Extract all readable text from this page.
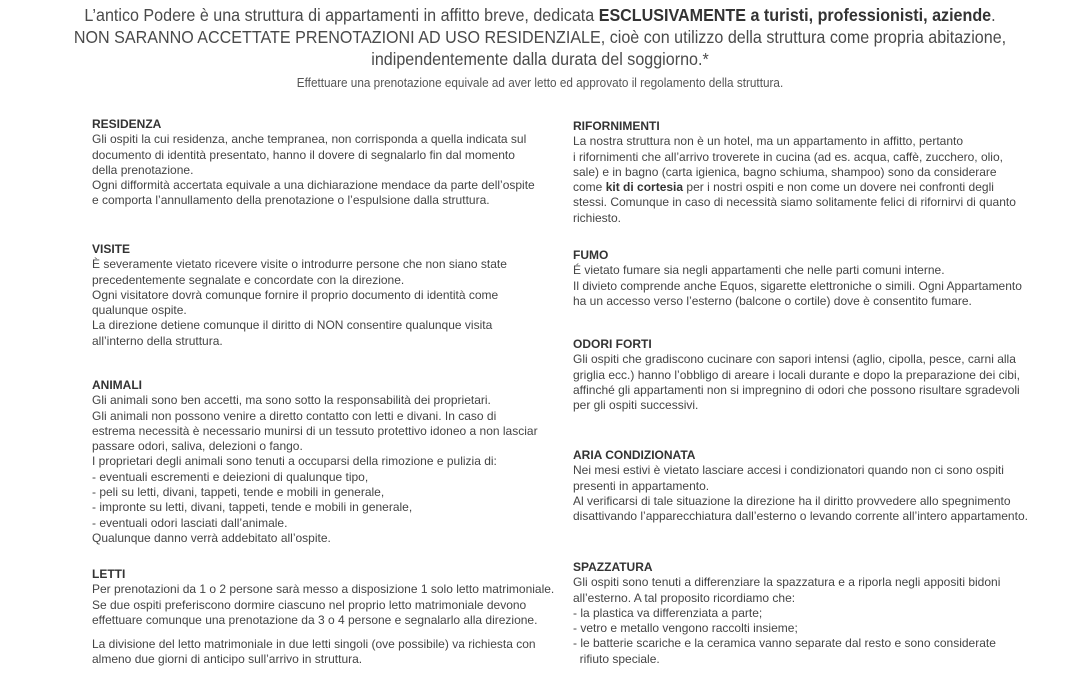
L’antico Podere è una struttura di appartamenti in affitto breve, dedicata ESCLUSIVAMENTE a turisti, professionisti, aziende.

NON SARANNO ACCETTATE PRENOTAZIONI AD USO RESIDENZIALE, cioè con utilizzo della struttura come propria abitazione,

indipendentemente dalla durata del soggiorno.*

Effettuare una prenotazione equivale ad aver letto ed approvato il regolamento della struttura.
RESIDENZA
Gli ospiti la cui residenza, anche tempranea, non corrisponda a quella indicata sul
documento di identità presentato, hanno il dovere di segnalarlo fin dal momento
della prenotazione.
Ogni difformità accertata equivale a una dichiarazione mendace da parte dell’ospite
e comporta l’annullamento della prenotazione o l’espulsione dalla struttura.
VISITE
È severamente vietato ricevere visite o introdurre persone che non siano state
precedentemente segnalate e concordate con la direzione.
Ogni visitatore dovrà comunque fornire il proprio documento di identità come
qualunque ospite.
La direzione detiene comunque il diritto di NON consentire qualunque visita
all’interno della struttura.
ANIMALI
Gli animali sono ben accetti, ma sono sotto la responsabilità dei proprietari.
Gli animali non possono venire a diretto contatto con letti e divani. In caso di
estrema necessità è necessario munirsi di un tessuto protettivo idoneo a non lasciar
passare odori, saliva, delezioni o fango.
I proprietari degli animali sono tenuti a occuparsi della rimozione e pulizia di:
- eventuali escrementi e deiezioni di qualunque tipo,
- peli su letti, divani, tappeti, tende e mobili in generale,
- impronte su letti, divani, tappeti, tende e mobili in generale,
- eventuali odori lasciati dall’animale.
Qualunque danno verrà addebitato all’ospite.
LETTI
Per prenotazioni da 1 o 2 persone sarà messo a disposizione 1 solo letto matrimoniale.
Se due ospiti preferiscono dormire ciascuno nel proprio letto matrimoniale devono
effettuare comunque una prenotazione da 3 o 4 persone e segnalarlo alla direzione.
La divisione del letto matrimoniale in due letti singoli (ove possibile) va richiesta con
almeno due giorni di anticipo sull’arrivo in struttura.
RIFORNIMENTI
La nostra struttura non è un hotel, ma un appartamento in affitto, pertanto
i rifornimenti che all’arrivo troverete in cucina (ad es. acqua, caffè, zucchero, olio,
sale) e in bagno (carta igienica, bagno schiuma, shampoo) sono da considerare
come kit di cortesia per i nostri ospiti e non come un dovere nei confronti degli
stessi. Comunque in caso di necessità siamo solitamente felici di rifornirvi di quanto
richiesto.
FUMO
É vietato fumare sia negli appartamenti che nelle parti comuni interne.
Il divieto comprende anche Equos, sigarette elettroniche o simili. Ogni Appartamento
ha un accesso verso l’esterno (balcone o cortile) dove è consentito fumare.
ODORI FORTI
Gli ospiti che gradiscono cucinare con sapori intensi (aglio, cipolla, pesce, carni alla
griglia ecc.) hanno l’obbligo di areare i locali durante e dopo la preparazione dei cibi,
affinché gli appartamenti non si impregnino di odori che possono risultare sgradevoli
per gli ospiti successivi.
ARIA CONDIZIONATA
Nei mesi estivi è vietato lasciare accesi i condizionatori quando non ci sono ospiti
presenti in appartamento.
Al verificarsi di tale situazione la direzione ha il diritto provvedere allo spegnimento
disattivando l’apparecchiatura dall’esterno o levando corrente all’intero appartamento.
SPAZZATURA
Gli ospiti sono tenuti a differenziare la spazzatura e a riporla negli appositi bidoni
all’esterno. A tal proposito ricordiamo che:
- la plastica va differenziata a parte;
- vetro e metallo vengono raccolti insieme;
- le batterie scariche e la ceramica vanno separate dal resto e sono considerate
rifiuto speciale.
